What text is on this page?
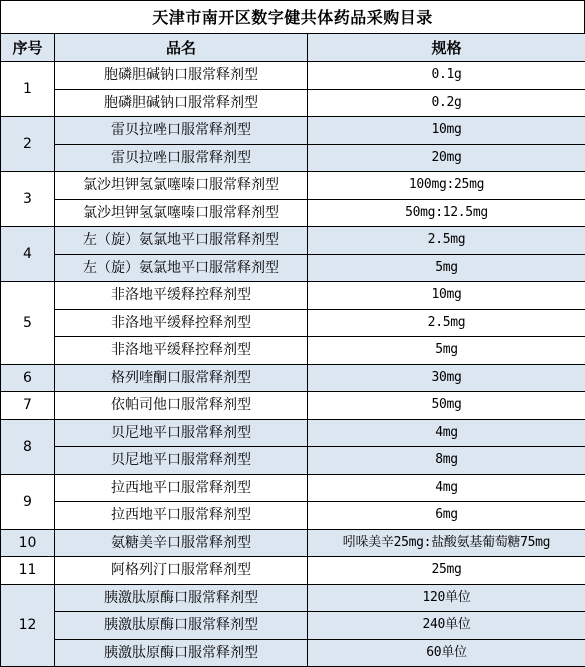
天津市南开区数字健共体药品采购目录
序号	品名	规格
1	胞磷胆碱钠口服常释剂型	0.1g
	胞磷胆碱钠口服常释剂型	0.2g
2	雷贝拉唑口服常释剂型	10mg
	雷贝拉唑口服常释剂型	20mg
3	氯沙坦钾氢氯噻嗪口服常释剂型	100mg:25mg
	氯沙坦钾氢氯噻嗪口服常释剂型	50mg:12.5mg
4	左（旋）氨氯地平口服常释剂型	2.5mg
	左（旋）氨氯地平口服常释剂型	5mg
5	非洛地平缓释控释剂型	10mg
	非洛地平缓释控释剂型	2.5mg
	非洛地平缓释控释剂型	5mg
6	格列喹酮口服常释剂型	30mg
7	依帕司他口服常释剂型	50mg
8	贝尼地平口服常释剂型	4mg
	贝尼地平口服常释剂型	8mg
9	拉西地平口服常释剂型	4mg
	拉西地平口服常释剂型	6mg
10	氨糖美辛口服常释剂型	吲哚美辛25mg:盐酸氨基葡萄糖75mg
11	阿格列汀口服常释剂型	25mg
12	胰激肽原酶口服常释剂型	120单位
	胰激肽原酶口服常释剂型	240单位
	胰激肽原酶口服常释剂型	60单位
